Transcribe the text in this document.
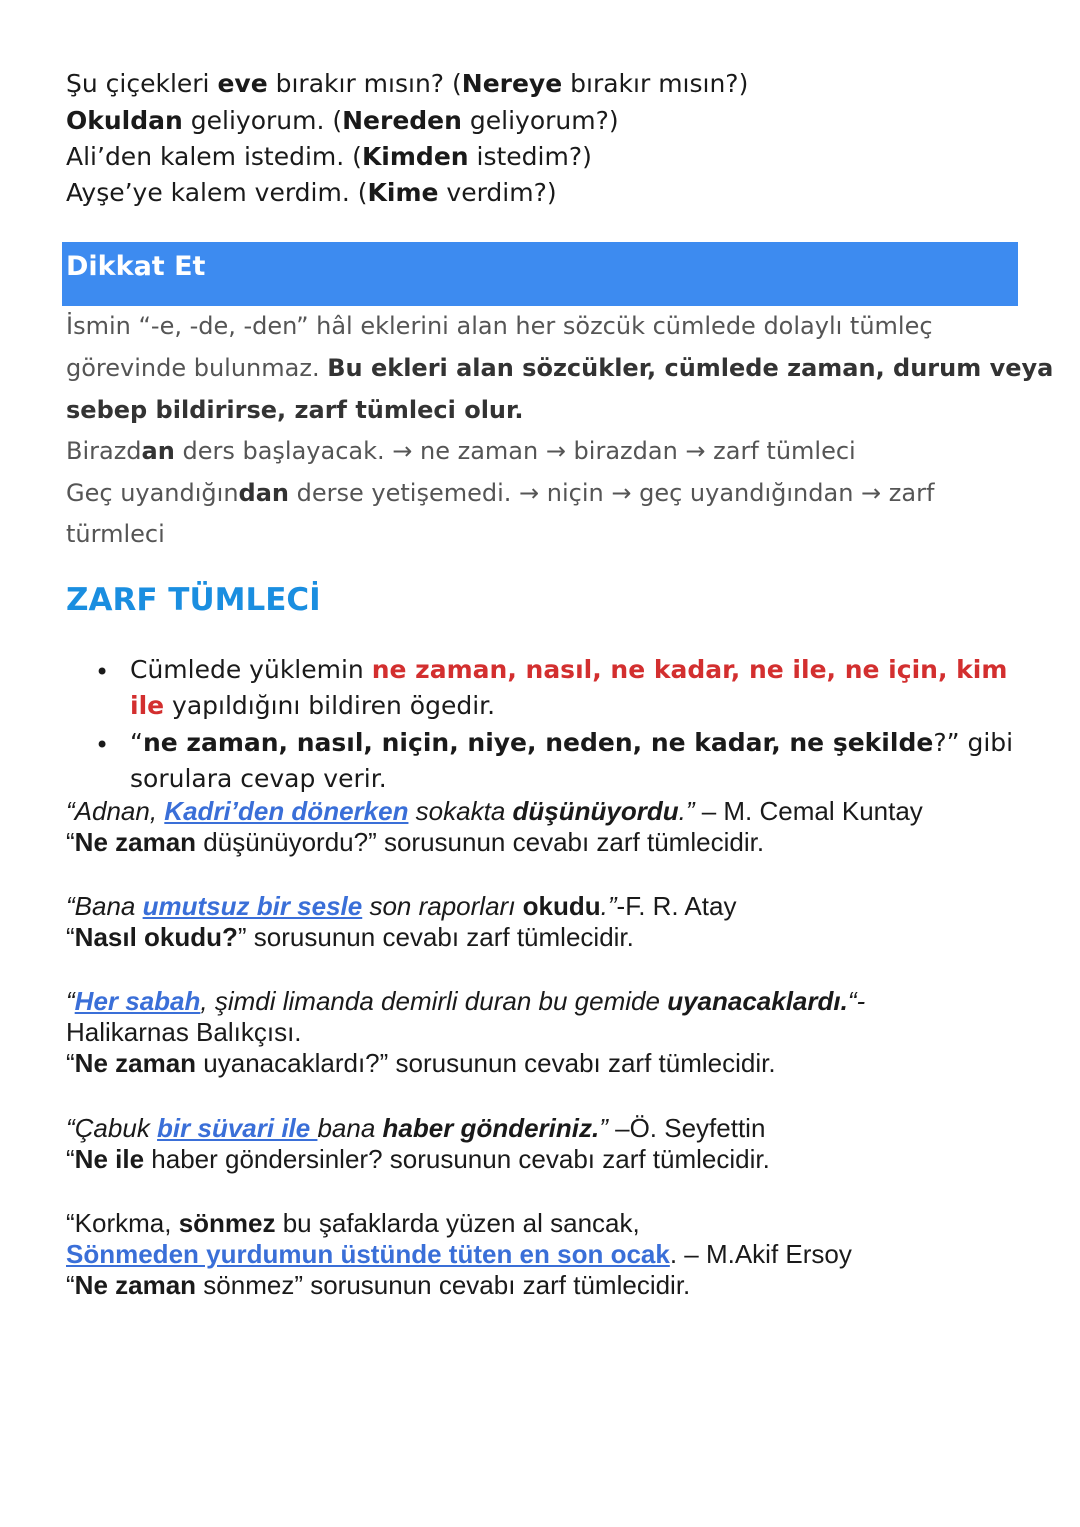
Şu çiçekleri eve bırakır mısın? (Nereye bırakır mısın?)
Okuldan geliyorum. (Nereden geliyorum?)
Ali’den kalem istedim. (Kimden istedim?)
Ayşe’ye kalem verdim. (Kime verdim?)
Dikkat Et
İsmin “-e, -de, -den” hâl eklerini alan her sözcük cümlede dolaylı tümleç
görevinde bulunmaz. Bu ekleri alan sözcükler, cümlede zaman, durum veya
sebep bildirirse, zarf tümleci olur.
Birazdan ders başlayacak. → ne zaman → birazdan → zarf tümleci
Geç uyandığından derse yetişemedi. → niçin → geç uyandığından → zarf
türmleci
ZARF TÜMLECİ
• Cümlede yüklemin ne zaman, nasıl, ne kadar, ne ile, ne için, kim
ile yapıldığını bildiren ögedir.
• “ne zaman, nasıl, niçin, niye, neden, ne kadar, ne şekilde?” gibi
sorulara cevap verir.
“Adnan, Kadri’den dönerken sokakta düşünüyordu.” – M. Cemal Kuntay
“Ne zaman düşünüyordu?” sorusunun cevabı zarf tümlecidir.
“Bana umutsuz bir sesle son raporları okudu.”-F. R. Atay
“Nasıl okudu?” sorusunun cevabı zarf tümlecidir.
“Her sabah, şimdi limanda demirli duran bu gemide uyanacaklardı.“-
Halikarnas Balıkçısı.
“Ne zaman uyanacaklardı?” sorusunun cevabı zarf tümlecidir.
“Çabuk bir süvari ile bana haber gönderiniz.” –Ö. Seyfettin
“Ne ile haber göndersinler? sorusunun cevabı zarf tümlecidir.
“Korkma, sönmez bu şafaklarda yüzen al sancak,
Sönmeden yurdumun üstünde tüten en son ocak. – M.Akif Ersoy
“Ne zaman sönmez” sorusunun cevabı zarf tümlecidir.
